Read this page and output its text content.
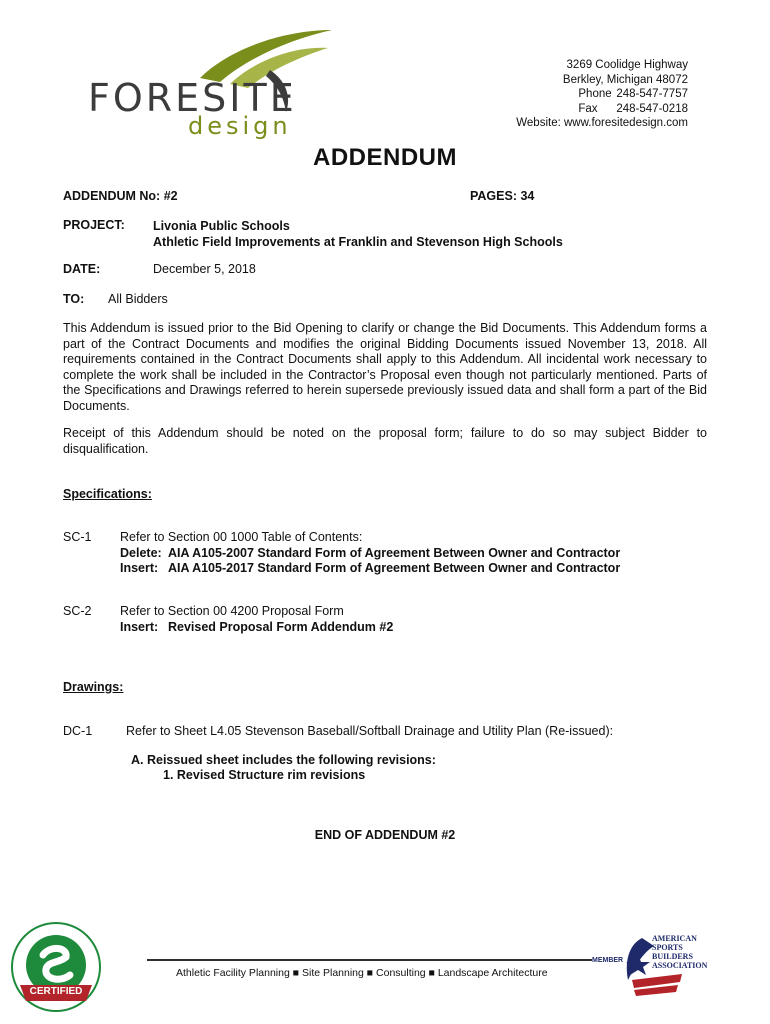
FORESITE
design
3269 Coolidge Highway
Berkley, Michigan 48072
Phone 248-547-7757
Fax 248-547-0218
Website: www.foresitedesign.com
ADDENDUM
ADDENDUM No: #2	PAGES: 34
PROJECT: Livonia Public Schools
Athletic Field Improvements at Franklin and Stevenson High Schools
DATE:	December 5, 2018
TO: All Bidders
This Addendum is issued prior to the Bid Opening to clarify or change the Bid Documents. This Addendum forms a part of the Contract Documents and modifies the original Bidding Documents issued November 13, 2018. All requirements contained in the Contract Documents shall apply to this Addendum. All incidental work necessary to complete the work shall be included in the Contractor’s Proposal even though not particularly mentioned. Parts of the Specifications and Drawings referred to herein supersede previously issued data and shall form a part of the Bid Documents.
Receipt of this Addendum should be noted on the proposal form; failure to do so may subject Bidder to disqualification.
Specifications:
SC-1 Refer to Section 00 1000 Table of Contents:
Delete: AIA A105-2007 Standard Form of Agreement Between Owner and Contractor
Insert: AIA A105-2017 Standard Form of Agreement Between Owner and Contractor
SC-2 Refer to Section 00 4200 Proposal Form
Insert: Revised Proposal Form Addendum #2
Drawings:
DC-1	Refer to Sheet L4.05 Stevenson Baseball/Softball Drainage and Utility Plan (Re-issued):
A. Reissued sheet includes the following revisions:
1. Revised Structure rim revisions
END OF ADDENDUM #2
CERTIFIED
Athletic Facility Planning ■ Site Planning ■ Consulting ■ Landscape Architecture
AMERICAN
SPORTS BUILDERS
ASSOCIATION
MEMBER
